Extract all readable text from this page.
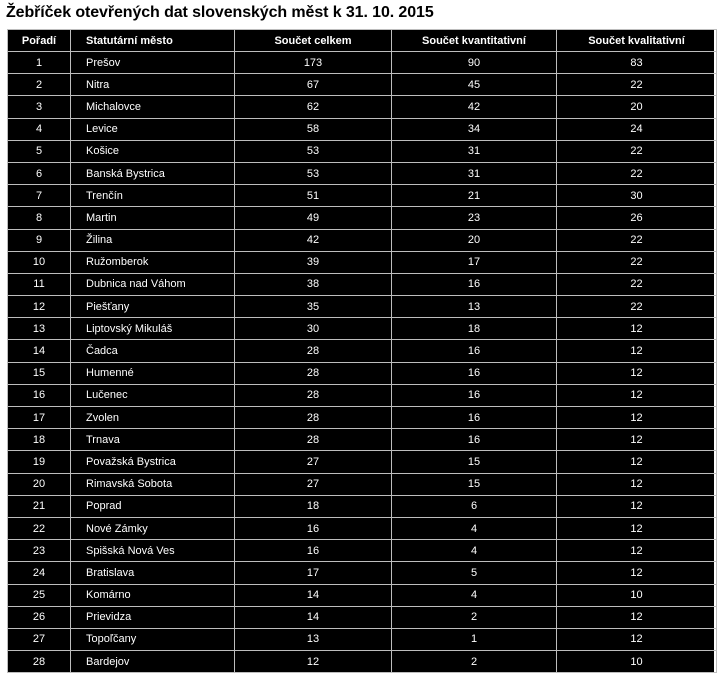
Žebříček otevřených dat slovenských měst k 31. 10. 2015
Pořadí	Statutární město	Součet celkem	Součet kvantitativní	Součet kvalitativní
1	Prešov	173	90	83
2	Nitra	67	45	22
3	Michalovce	62	42	20
4	Levice	58	34	24
5	Košice	53	31	22
6	Banská Bystrica	53	31	22
7	Trenčín	51	21	30
8	Martin	49	23	26
9	Žilina	42	20	22
10	Ružomberok	39	17	22
11	Dubnica nad Váhom	38	16	22
12	Piešťany	35	13	22
13	Liptovský Mikuláš	30	18	12
14	Čadca	28	16	12
15	Humenné	28	16	12
16	Lučenec	28	16	12
17	Zvolen	28	16	12
18	Trnava	28	16	12
19	Považská Bystrica	27	15	12
20	Rimavská Sobota	27	15	12
21	Poprad	18	6	12
22	Nové Zámky	16	4	12
23	Spišská Nová Ves	16	4	12
24	Bratislava	17	5	12
25	Komárno	14	4	10
26	Prievidza	14	2	12
27	Topoľčany	13	1	12
28	Bardejov	12	2	10
